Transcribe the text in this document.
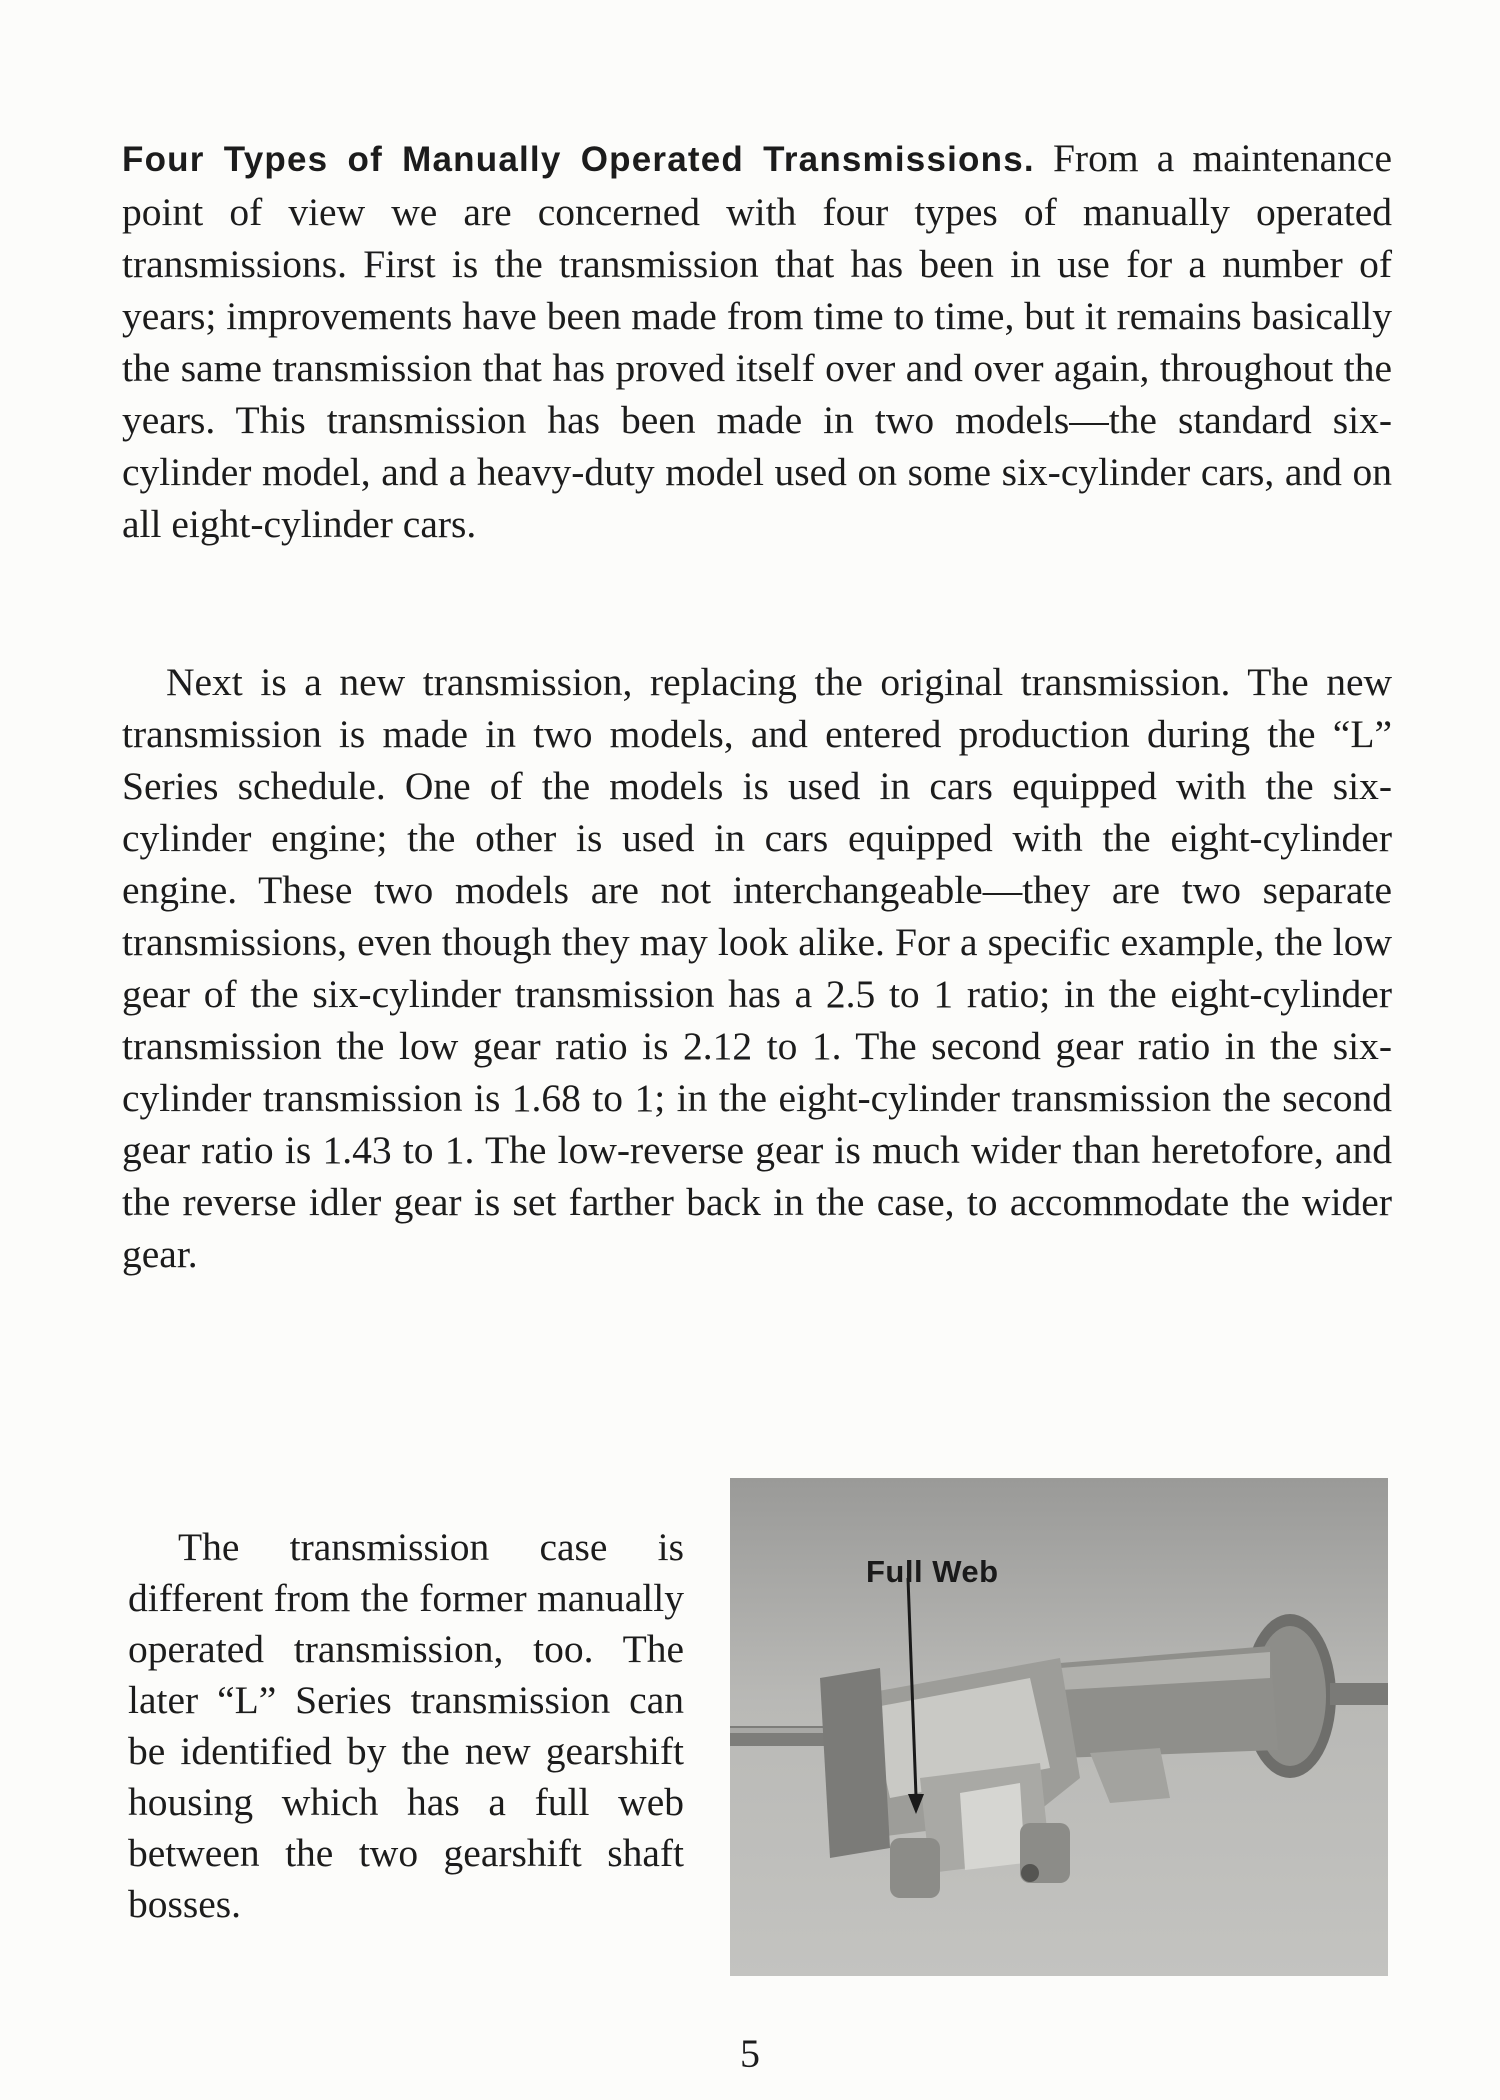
Four Types of Manually Operated Transmissions. From a maintenance point of view we are concerned with four types of manually operated transmissions. First is the transmission that has been in use for a number of years; improvements have been made from time to time, but it remains basically the same transmission that has proved itself over and over again, throughout the years. This transmission has been made in two models—the standard six-cylinder model, and a heavy-duty model used on some six-cylinder cars, and on all eight-cylinder cars.

Next is a new transmission, replacing the original transmission. The new transmission is made in two models, and entered production during the “L” Series schedule. One of the models is used in cars equipped with the six-cylinder engine; the other is used in cars equipped with the eight-cylinder engine. These two models are not interchangeable—they are two separate transmissions, even though they may look alike. For a specific example, the low gear of the six-cylinder transmission has a 2.5 to 1 ratio; in the eight-cylinder transmission the low gear ratio is 2.12 to 1. The second gear ratio in the six-cylinder transmission is 1.68 to 1; in the eight-cylinder transmission the second gear ratio is 1.43 to 1. The low-reverse gear is much wider than heretofore, and the reverse idler gear is set farther back in the case, to accommodate the wider gear.

The transmission case is different from the former manually operated transmission, too. The later “L” Series transmission can be identified by the new gearshift housing which has a full web between the two gearshift shaft bosses.

Full Web

5
